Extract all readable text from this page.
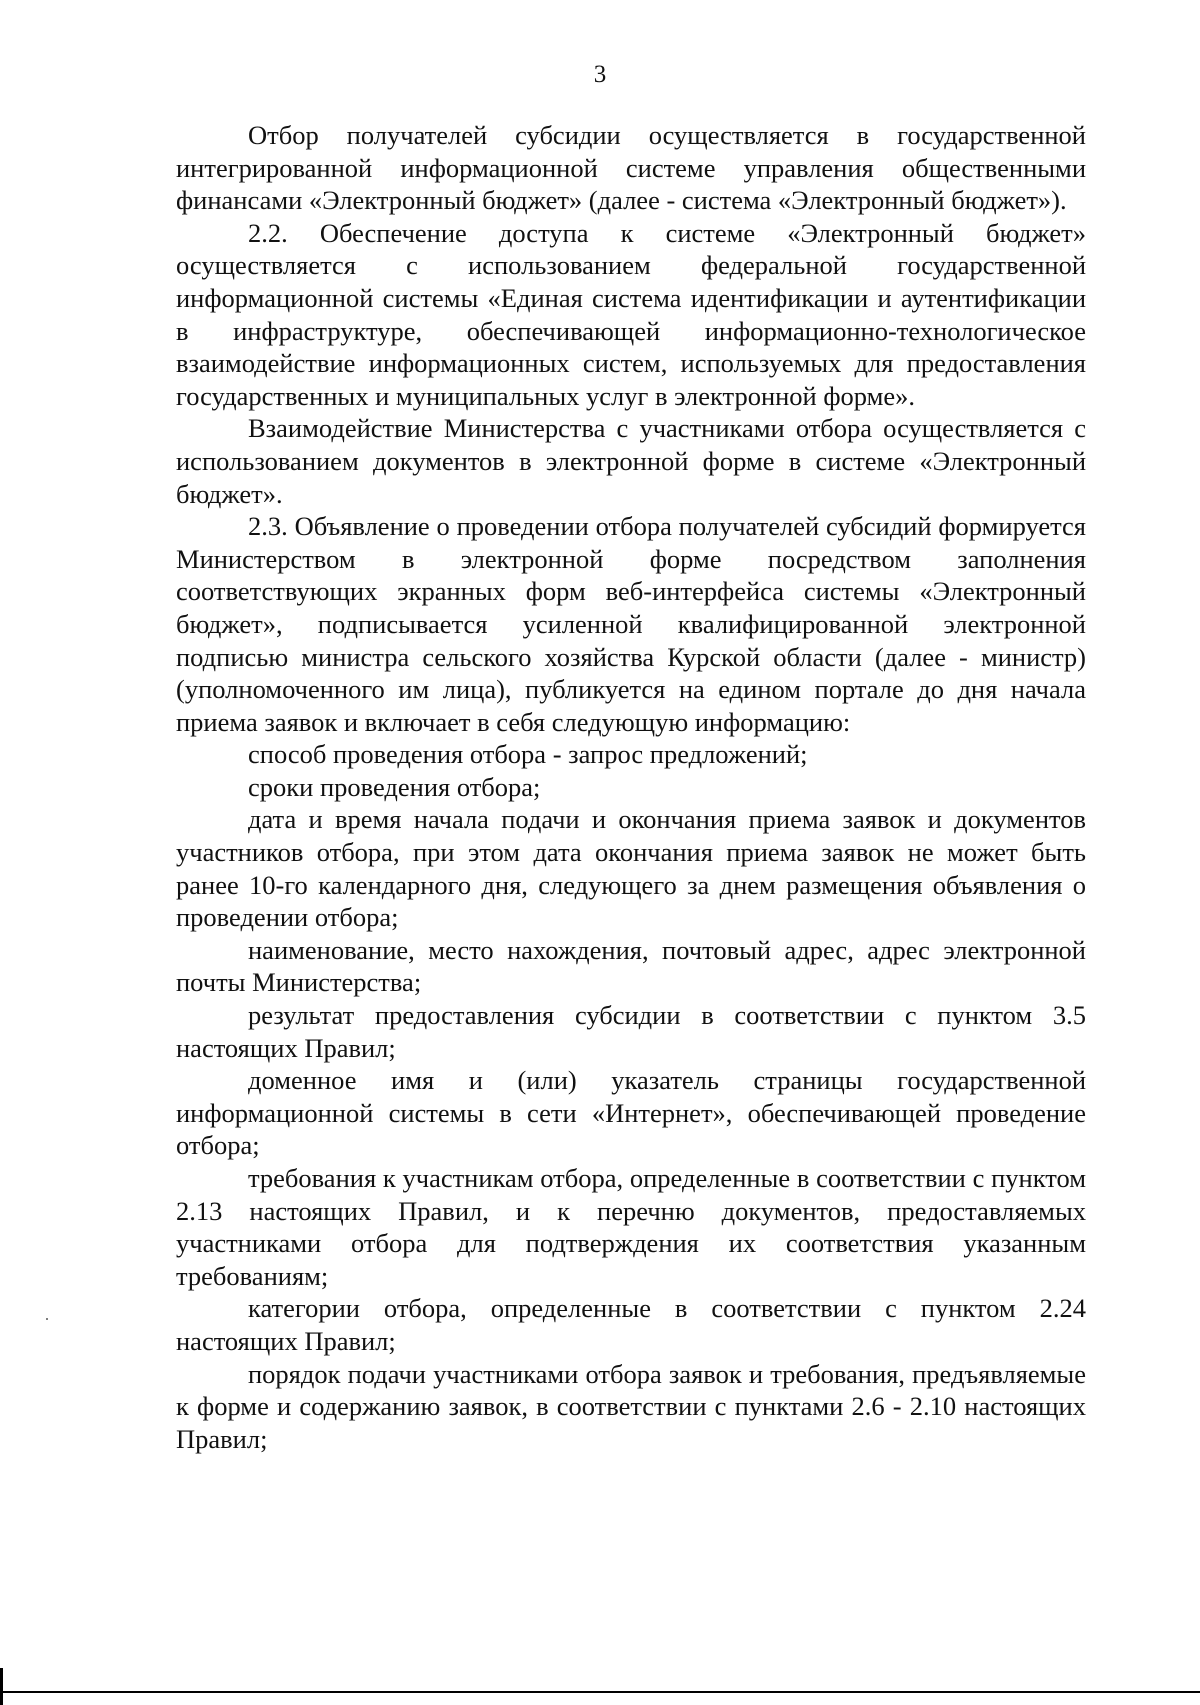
3

Отбор получателей субсидии осуществляется в государственной интегрированной информационной системе управления общественными финансами «Электронный бюджет» (далее - система «Электронный бюджет»).

2.2. Обеспечение доступа к системе «Электронный бюджет» осуществляется с использованием федеральной государственной информационной системы «Единая система идентификации и аутентификации в инфраструктуре, обеспечивающей информационно-технологическое взаимодействие информационных систем, используемых для предоставления государственных и муниципальных услуг в электронной форме».

Взаимодействие Министерства с участниками отбора осуществляется с использованием документов в электронной форме в системе «Электронный бюджет».

2.3. Объявление о проведении отбора получателей субсидий формируется Министерством в электронной форме посредством заполнения соответствующих экранных форм веб-интерфейса системы «Электронный бюджет», подписывается усиленной квалифицированной электронной подписью министра сельского хозяйства Курской области (далее - министр) (уполномоченного им лица), публикуется на едином портале до дня начала приема заявок и включает в себя следующую информацию:

способ проведения отбора - запрос предложений;

сроки проведения отбора;

дата и время начала подачи и окончания приема заявок и документов участников отбора, при этом дата окончания приема заявок не может быть ранее 10-го календарного дня, следующего за днем размещения объявления о проведении отбора;

наименование, место нахождения, почтовый адрес, адрес электронной почты Министерства;

результат предоставления субсидии в соответствии с пунктом 3.5 настоящих Правил;

доменное имя и (или) указатель страницы государственной информационной системы в сети «Интернет», обеспечивающей проведение отбора;

требования к участникам отбора, определенные в соответствии с пунктом 2.13 настоящих Правил, и к перечню документов, предоставляемых участниками отбора для подтверждения их соответствия указанным требованиям;

категории отбора, определенные в соответствии с пунктом 2.24 настоящих Правил;

порядок подачи участниками отбора заявок и требования, предъявляемые к форме и содержанию заявок, в соответствии с пунктами 2.6 - 2.10 настоящих Правил;
